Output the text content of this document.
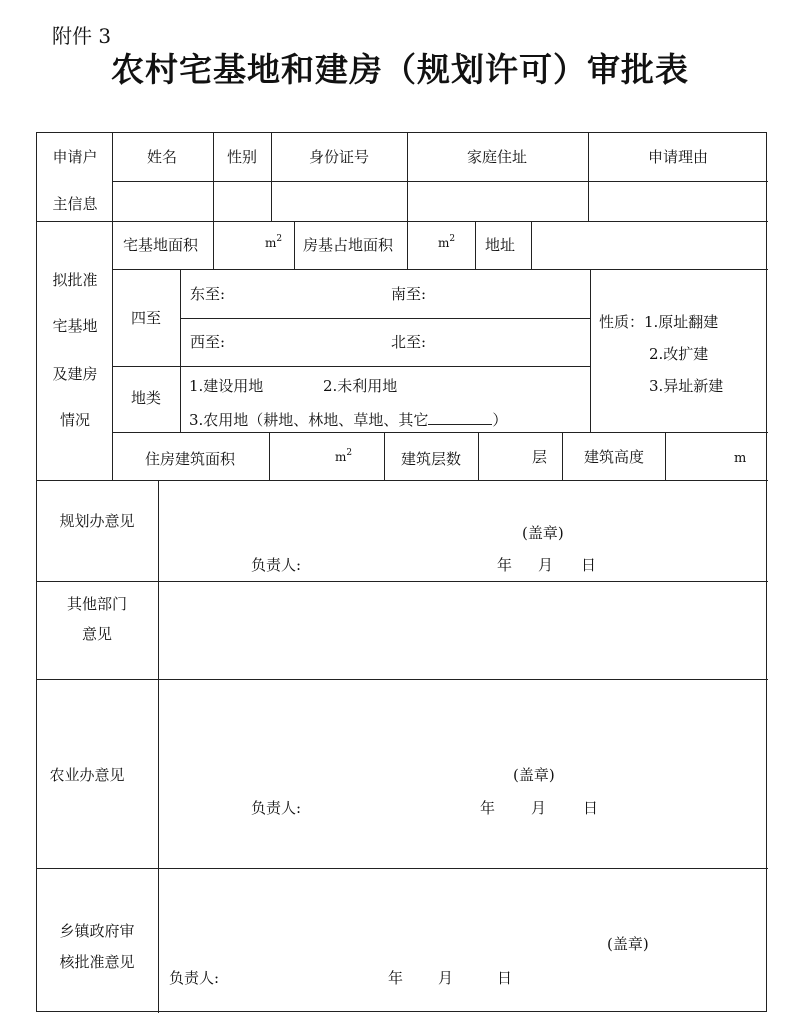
附件 3
农村宅基地和建房（规划许可）审批表
申请户
主信息
姓名	性别	身份证号	家庭住址	申请理由
拟批准
宅基地
及建房
情况
宅基地面积	$m^2$ 房基占地面积	$m^2$ 地址
四至
东至:	南至:
西至:	北至:
性质：1.原址翻建
2.改扩建
3.异址新建
地类
1.建设用地	2.未利用地
3.农用地（耕地、林地、草地、其它	）
住房建筑面积	$m^2$	建筑层数	层 建筑高度	m
规划办意见
(盖章)
负责人:	年 月 日
其他部门
意见
农业办意见	(盖章)
负责人:	年 月 日
乡镇政府审
核批准意见
(盖章)
负责人:	年 月	日
